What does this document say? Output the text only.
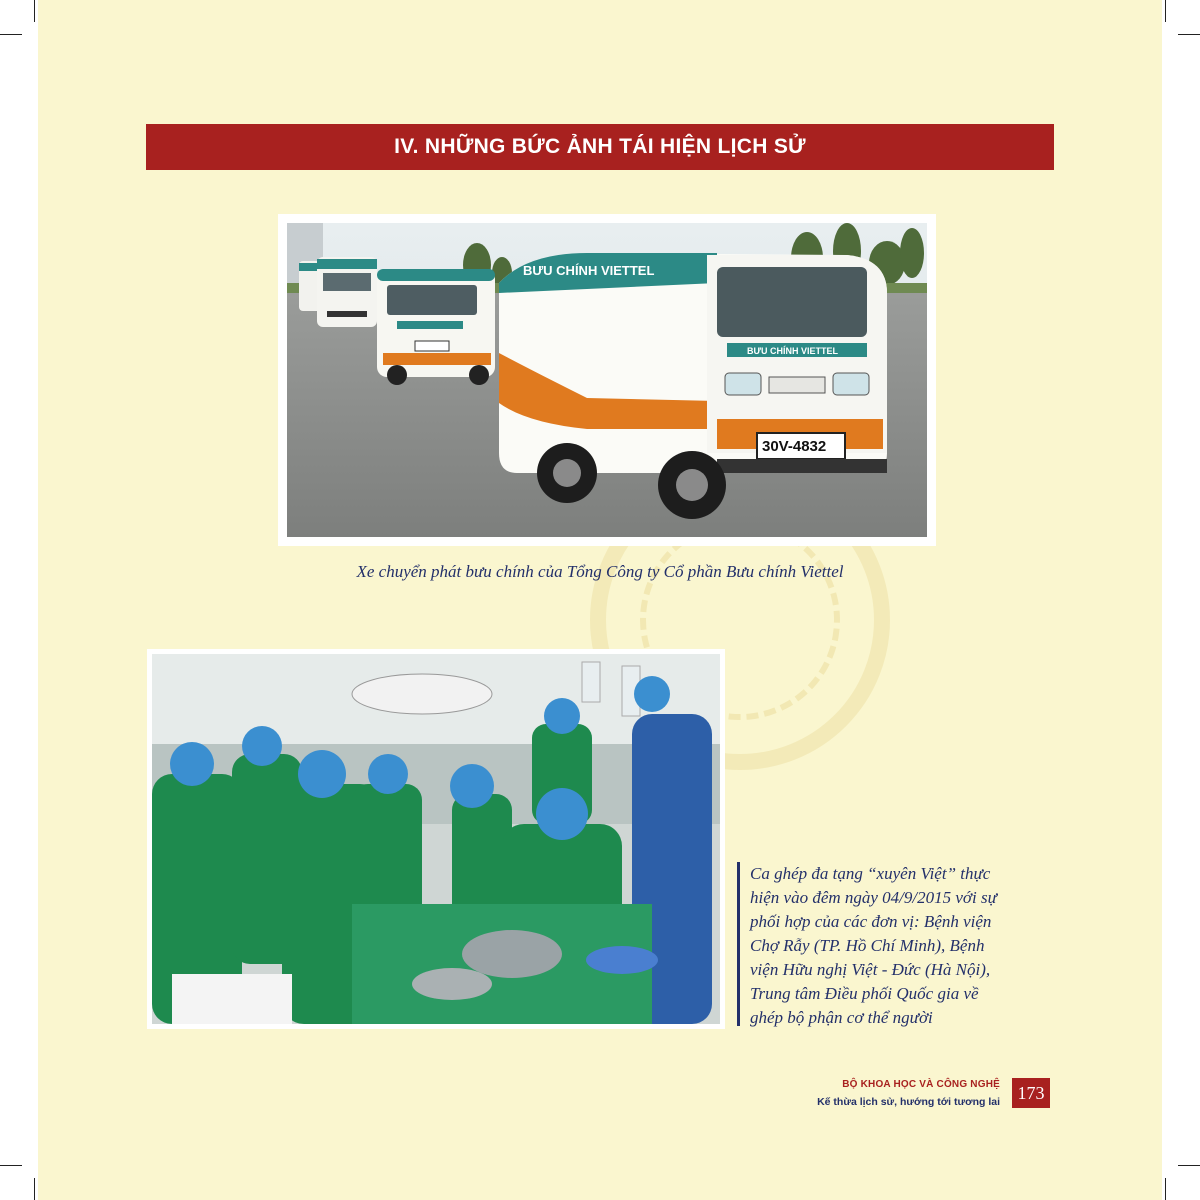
IV. NHỮNG BỨC ẢNH TÁI HIỆN LỊCH SỬ
BƯU CHÍNH VIETTEL
BƯU CHÍNH VIETTEL
30V-4832
Xe chuyển phát bưu chính của Tổng Công ty Cổ phần Bưu chính Viettel
Ca ghép đa tạng “xuyên Việt” thực
hiện vào đêm ngày 04/9/2015 với sự
phối hợp của các đơn vị: Bệnh viện
Chợ Rẫy (TP. Hồ Chí Minh), Bệnh
viện Hữu nghị Việt - Đức (Hà Nội),
Trung tâm Điều phối Quốc gia về
ghép bộ phận cơ thể người
BỘ KHOA HỌC VÀ CÔNG NGHỆ
Kế thừa lịch sử, hướng tới tương lai 173
